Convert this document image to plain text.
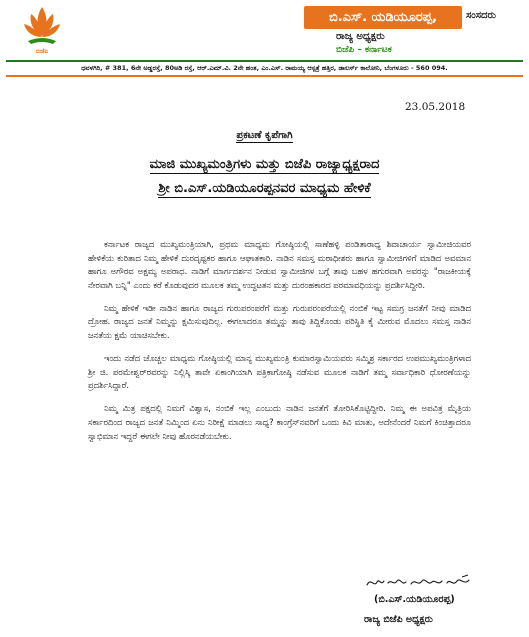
ಬಿಜೆಪಿ
ಬಿ.ಎಸ್. ಯಡಿಯೂರಪ್ಪ,	ಸಂಸದರು
ರಾಜ್ಯ ಅಧ್ಯಕ್ಷರು
ಬಿಜೆಪಿ – ಕರ್ನಾಟಕ
ಧವಳಗಿರಿ, # 381, 6ನೇ ಅಡ್ಡರಸ್ತೆ, 80ಅಡಿ ರಸ್ತೆ, ಆರ್.ಎಮ್.ವಿ. 2ನೇ ಹಂತ, ಎಂ.ಎಸ್. ರಾಮಯ್ಯ ಆಸ್ಪತ್ರೆ ಹತ್ತಿರ, ಡಾಲರ್ಸ್ ಕಾಲೋನಿ, ಬೆಂಗಳೂರು - 560 094.
23.05.2018
ಪ್ರಕಟಣೆ ಕೃಪೆಗಾಗಿ
ಮಾಜಿ ಮುಖ್ಯಮಂತ್ರಿಗಳು ಮತ್ತು ಬಿಜೆಪಿ ರಾಜ್ಯಾಧ್ಯಕ್ಷರಾದ
ಶ್ರೀ ಬಿ.ಎಸ್.ಯಡಿಯೂರಪ್ಪನವರ ಮಾಧ್ಯಮ ಹೇಳಿಕೆ

ಕರ್ನಾಟಕ ರಾಜ್ಯದ ಮುಖ್ಯಮಂತ್ರಿಯಾಗಿ, ಪ್ರಥಮ ಮಾಧ್ಯಮ ಗೋಷ್ಠಿಯಲ್ಲಿ ಸಾಣೆಹಳ್ಳಿ ಪಂಡಿತಾರಾಧ್ಯ ಶಿವಾಚಾರ್ಯ ಸ್ವಾಮೀಜಿಯವರ ಹೇಳಿಕೆಯ ಕುರಿತಾದ ನಿಮ್ಮ ಹೇಳಿಕೆ ದುರದೃಷ್ಟಕರ ಹಾಗೂ ಆಘಾತಕಾರಿ. ನಾಡಿನ ಸಮಸ್ತ ಮಠಾಧೀಶರು ಹಾಗೂ ಸ್ವಾಮೀಜಿಗಳಿಗೆ ಮಾಡಿದ ಅವಮಾನ ಹಾಗೂ ಅಗೌರವ ಅಕ್ಷಮ್ಯ ಅಪರಾಧ. ನಾಡಿಗೆ ಮಾರ್ಗದರ್ಶನ ನೀಡುವ ಸ್ವಾಮೀಜಿಗಳ ಬಗ್ಗೆ ತಾವು ಬಹಳ ಹಗುರವಾಗಿ ಅವರನ್ನು "ರಾಜಕೀಯಕ್ಕೆ ನೇರವಾಗಿ ಬನ್ನಿ" ಎಂದು ಕರೆ ಕೊಡುವುದರ ಮೂಲಕ ತಮ್ಮ ಉದ್ಧಟತನ ಮತ್ತು ದುರಂಹಕಾರದ ಪರಮಾವಧಿಯನ್ನು ಪ್ರದರ್ಶಿಸಿದ್ದೀರಿ.

ನಿಮ್ಮ ಹೇಳಿಕೆ ಇಡೀ ನಾಡಿನ ಹಾಗೂ ರಾಜ್ಯದ ಗುರುಪರಂಪರೆಗೆ ಮತ್ತು ಗುರುಪರಂಪರೆಯಲ್ಲಿ ನಂಬಿಕೆ ಇಟ್ಟ ಸಮಗ್ರ ಜನತೆಗೆ ನೀವು ಮಾಡಿದ ದ್ರೋಹ. ರಾಜ್ಯದ ಜನತೆ ನಿಮ್ಮನ್ನು ಕ್ಷಮಿಸುವುದಿಲ್ಲ. ಈಗಲಾದರೂ ತಮ್ಮನ್ನು ತಾವು ತಿದ್ದಿಕೊಂಡು ಪರಿಸ್ಥಿತಿ ಕೈ ಮೀರುವ ಮೊದಲು ಸಮಸ್ತ ನಾಡಿನ ಜನತೆಯ ಕ್ಷಮೆ ಯಾಚಿಸಬೇಕು.

ಇಂದು ನಡೆದ ಚೊಚ್ಚಲ ಮಾಧ್ಯಮ ಗೋಷ್ಠಿಯಲ್ಲಿ ಮಾನ್ಯ ಮುಖ್ಯಮಂತ್ರಿ ಕುಮಾರಸ್ವಾಮಿಯವರು ಸಮ್ಮಿಶ್ರ ಸರ್ಕಾರದ ಉಪಮುಖ್ಯಮಂತ್ರಿಗಳಾದ ಶ್ರೀ ಜಿ. ಪರಮೇಶ್ವರ್‌ರವರನ್ನು ನಿಲ್ಲಿಸ್ಕಿ ತಾವೇ ಏಕಾಂಗಿಯಾಗಿ ಪತ್ರಿಕಾಗೋಷ್ಠಿ ನಡೆಸುವ ಮೂಲಕ ನಾಡಿಗೆ ತಮ್ಮ ಸರ್ವಾಧಿಕಾರಿ ಧೋರಣೆಯನ್ನು ಪ್ರದರ್ಶಿಸಿದ್ದಾರೆ.

ನಿಮ್ಮ ಮಿತ್ರ ಪಕ್ಷದಲ್ಲಿ ನಿಮಗೆ ವಿಶ್ವಾಸ, ನಂಬಿಕೆ ಇಲ್ಲ ಎಂಬುದು ನಾಡಿನ ಜನತೆಗೆ ತೋರಿಸಿಕೊಟ್ಟಿದ್ದೀರಿ. ನಿಮ್ಮ ಈ ಅಪವಿತ್ರ ಮೈತ್ರಿಯ ಸರ್ಕಾರದಿಂದ ರಾಜ್ಯದ ಜನತೆ ನಿಮ್ಮಿಂದ ಏನು ನಿರೀಕ್ಷೆ ಮಾಡಲು ಸಾಧ್ಯ? ಕಾಂಗ್ರೆಸ್‌ನವರಿಗೆ ಒಂದು ಕಿವಿ ಮಾತು, ಅದೇನೆಂದರೆ ನಿಮಗೆ ಕಿಂಚಿತ್ತಾದರೂ ಸ್ವಾಭಿಮಾನ ಇದ್ದರೆ ಈಗಲೇ ನೀವು ಹೊರನಡೆಯಬೇಕು.

(ಬಿ.ಎಸ್.ಯಡಿಯೂರಪ್ಪ)
ರಾಜ್ಯ ಬಿಜೆಪಿ ಅಧ್ಯಕ್ಷರು
